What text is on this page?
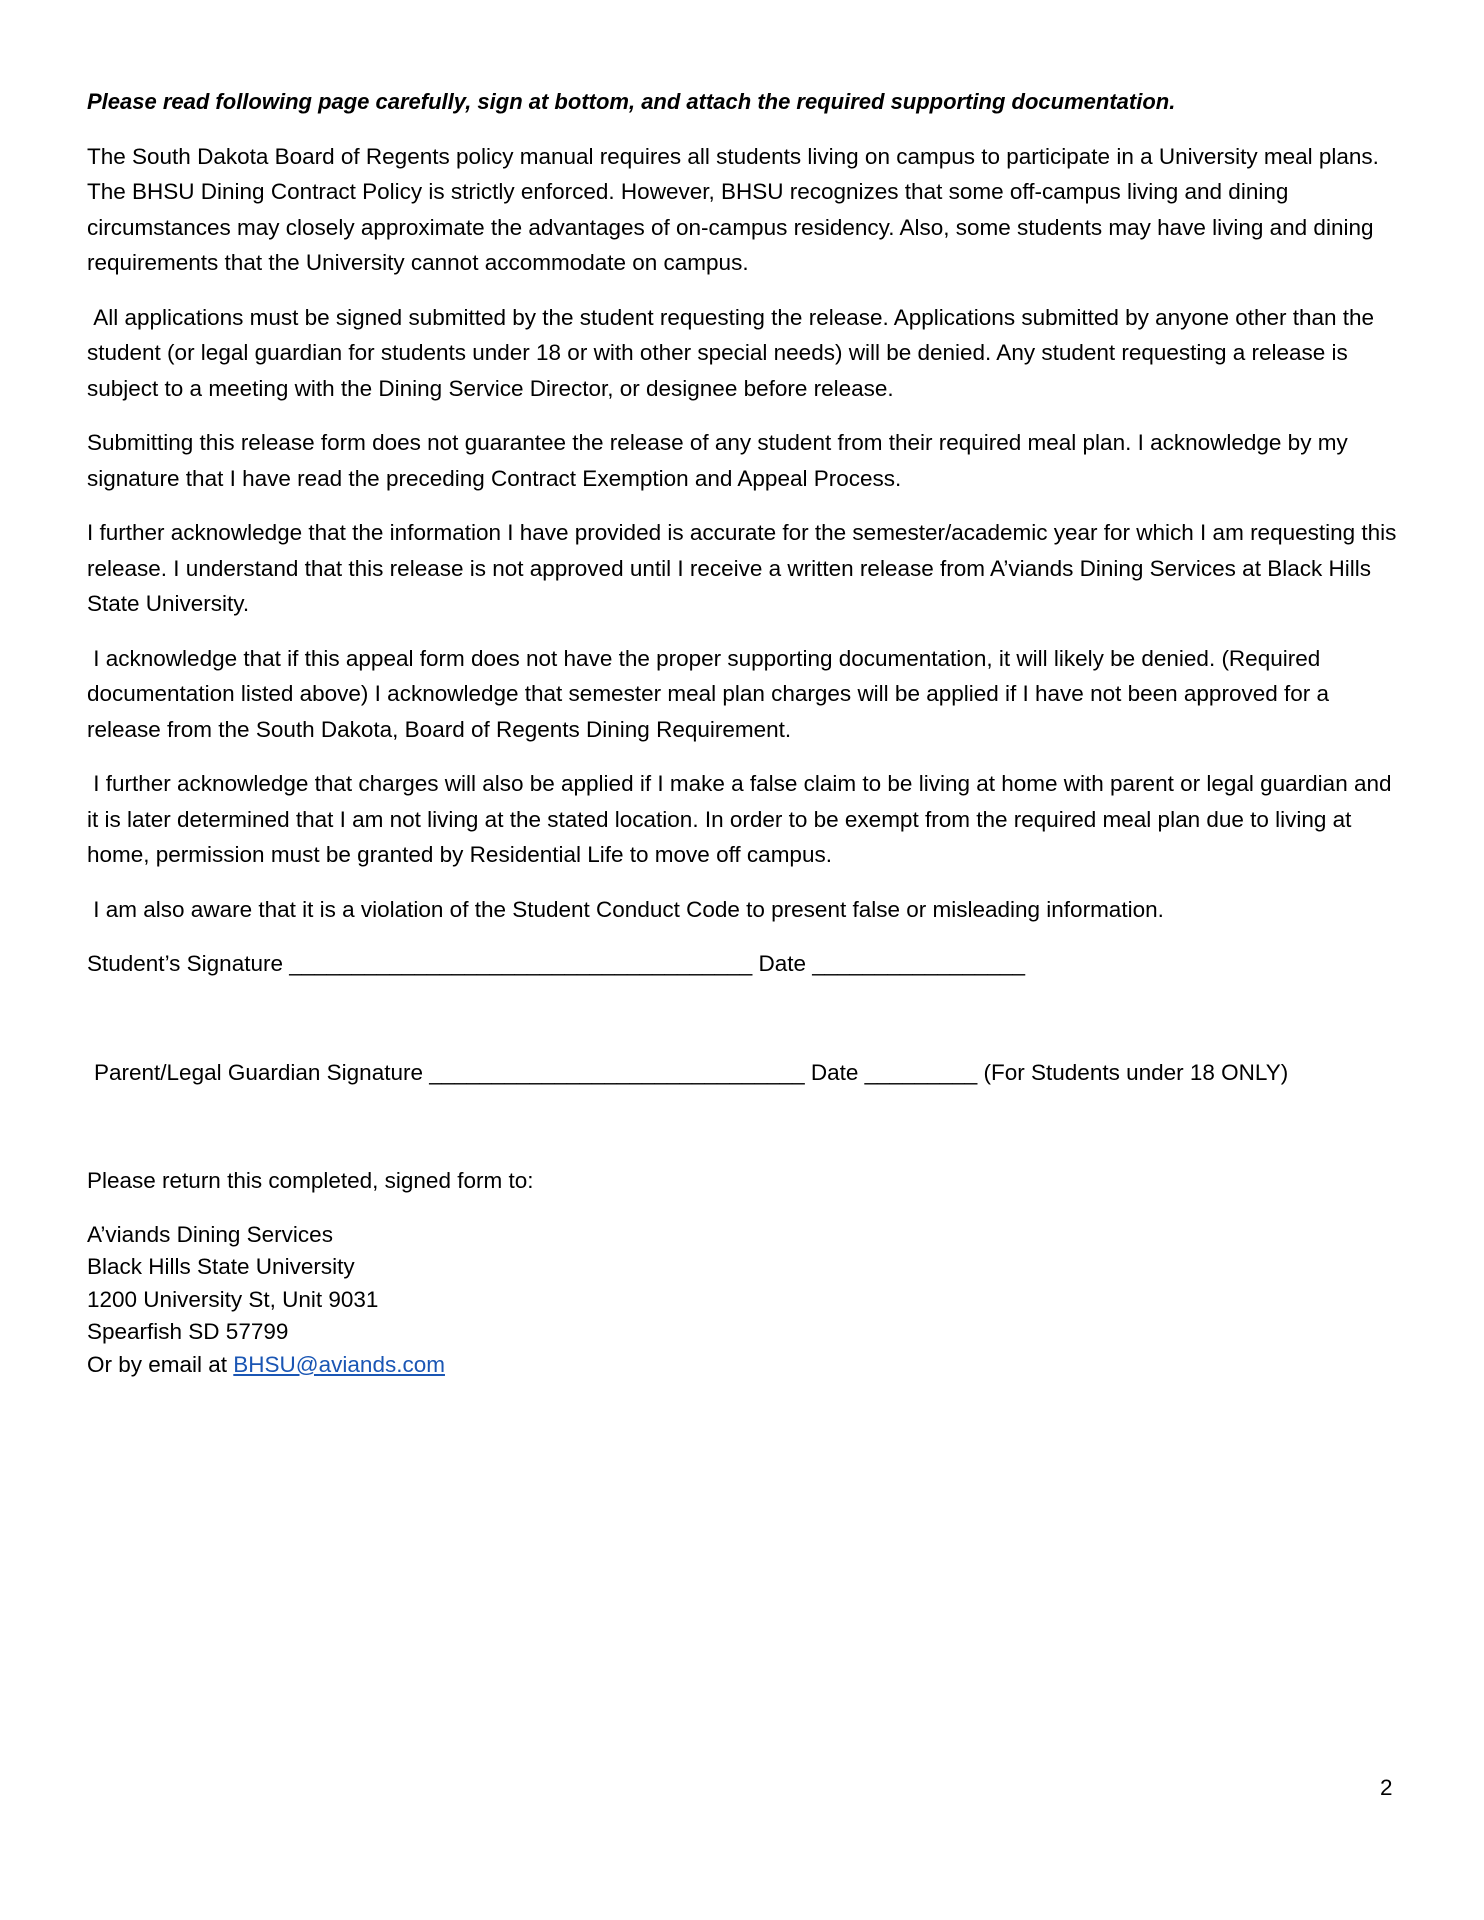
Please read following page carefully, sign at bottom, and attach the required supporting documentation.

The South Dakota Board of Regents policy manual requires all students living on campus to participate in a University meal plans. The BHSU Dining Contract Policy is strictly enforced. However, BHSU recognizes that some off-campus living and dining circumstances may closely approximate the advantages of on-campus residency. Also, some students may have living and dining requirements that the University cannot accommodate on campus.

All applications must be signed submitted by the student requesting the release. Applications submitted by anyone other than the student (or legal guardian for students under 18 or with other special needs) will be denied. Any student requesting a release is subject to a meeting with the Dining Service Director, or designee before release.

Submitting this release form does not guarantee the release of any student from their required meal plan. I acknowledge by my signature that I have read the preceding Contract Exemption and Appeal Process.

I further acknowledge that the information I have provided is accurate for the semester/academic year for which I am requesting this release. I understand that this release is not approved until I receive a written release from A’viands Dining Services at Black Hills State University.

I acknowledge that if this appeal form does not have the proper supporting documentation, it will likely be denied. (Required documentation listed above) I acknowledge that semester meal plan charges will be applied if I have not been approved for a release from the South Dakota, Board of Regents Dining Requirement.

I further acknowledge that charges will also be applied if I make a false claim to be living at home with parent or legal guardian and it is later determined that I am not living at the stated location. In order to be exempt from the required meal plan due to living at home, permission must be granted by Residential Life to move off campus.

I am also aware that it is a violation of the Student Conduct Code to present false or misleading information.

Student’s Signature _____________________________________ Date _________________

Parent/Legal Guardian Signature ______________________________ Date _________ (For Students under 18 ONLY)

Please return this completed, signed form to:

A’viands Dining Services

Black Hills State University

1200 University St, Unit 9031

Spearfish SD 57799

Or by email at BHSU@aviands.com

2
